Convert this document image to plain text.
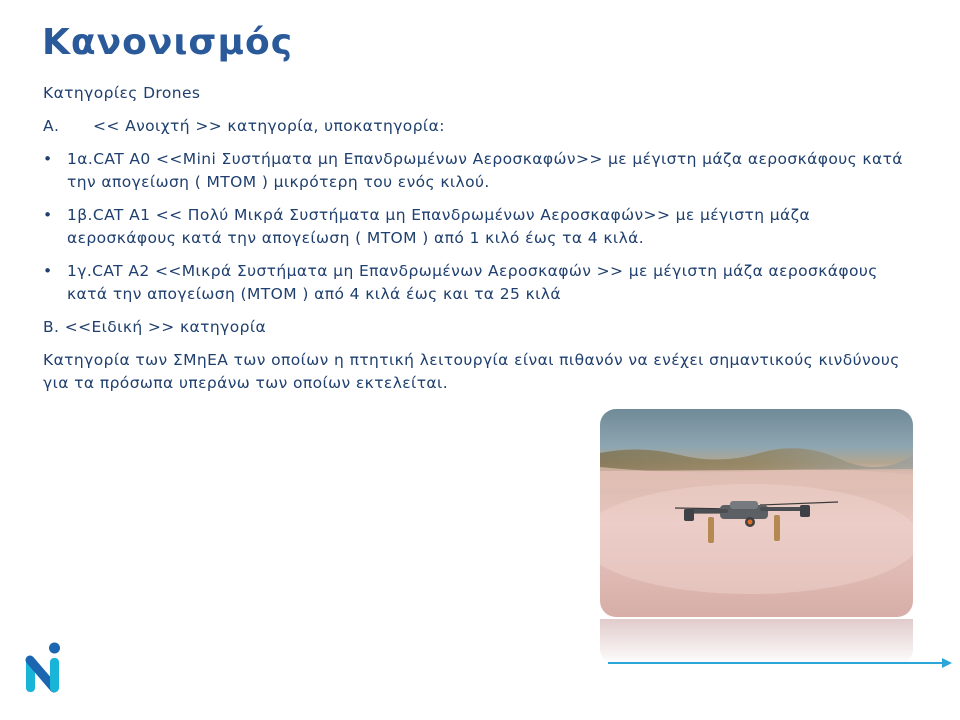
Κανονισμός

Κατηγορίες Drones

Α. << Ανοιχτή >> κατηγορία, υποκατηγορία:

• 1α.CAT A0 <<Mini Συστήματα μη Επανδρωμένων Αεροσκαφών>> με μέγιστη μάζα αεροσκάφους κατά την απογείωση ( MTOM ) μικρότερη του ενός κιλού.
• 1β.CAT A1 << Πολύ Μικρά Συστήματα μη Επανδρωμένων Αεροσκαφών>> με μέγιστη μάζα αεροσκάφους κατά την απογείωση ( MTOM ) από 1 κιλό έως τα 4 κιλά.
• 1γ.CAT A2 <<Μικρά Συστήματα μη Επανδρωμένων Αεροσκαφών >> με μέγιστη μάζα αεροσκάφους κατά την απογείωση (MTOM ) από 4 κιλά έως και τα 25 κιλά

Β. <<Ειδική >> κατηγορία

Κατηγορία των ΣΜηΕΑ των οποίων η πτητική λειτουργία είναι πιθανόν να ενέχει σημαντικούς κινδύνους για τα πρόσωπα υπεράνω των οποίων εκτελείται.
